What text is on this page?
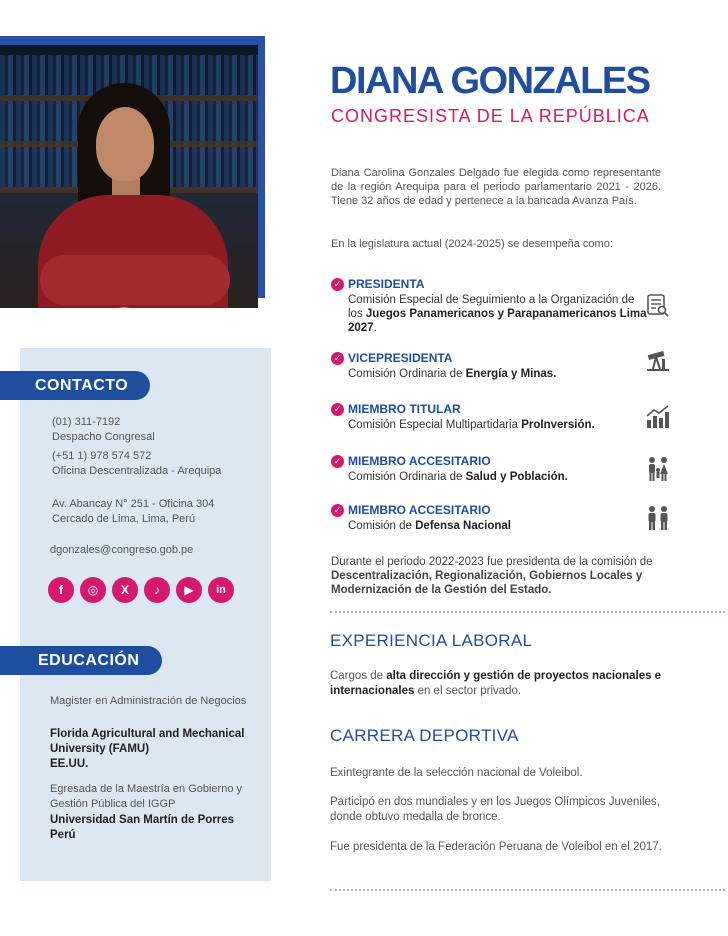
DIANA GONZALES
CONGRESISTA DE LA REPÚBLICA
Diana Carolina Gonzales Delgado fue elegida como representante de la región Arequipa para el periodo parlamentario 2021 - 2026. Tiene 32 años de edad y pertenece a la bancada Avanza País.
En la legislatura actual (2024-2025) se desempeña como:
✓ PRESIDENTA
Comisión Especial de Seguimiento a la Organización de los Juegos Panamericanos y Parapanamericanos Lima 2027.
✓ VICEPRESIDENTA
Comisión Ordinaria de Energía y Minas.
✓ MIEMBRO TITULAR
Comisión Especial Multipartidaria ProInversión.
✓ MIEMBRO ACCESITARIO
Comisión Ordinaria de Salud y Población.
✓ MIEMBRO ACCESITARIO
Comisión de Defensa Nacional
Durante el periodo 2022-2023 fue presidenta de la comisión de Descentralización, Regionalización, Gobiernos Locales y Modernización de la Gestión del Estado.
EXPERIENCIA LABORAL
Cargos de alta dirección y gestión de proyectos nacionales e internacionales en el sector privado.
CARRERA DEPORTIVA
Exintegrante de la selección nacional de Voleibol.
Participó en dos mundiales y en los Juegos Olímpicos Juveniles, donde obtuvo medalla de bronce.
Fue presidenta de la Federación Peruana de Voleibol en el 2017.
CONTACTO
(01) 311-7192
Despacho Congresal
(+51 1) 978 574 572
Oficina Descentralizada - Arequipa
Av. Abancay N° 251 - Oficina 304
Cercado de Lima, Lima, Perú
dgonzales@congreso.gob.pe
f	◎	X	♪	▶	in
EDUCACIÓN
Magister en Administración de Negocios
Florida Agricultural and Mechanical University (FAMU)
EE.UU.
Egresada de la Maestría en Gobierno y Gestión Pública del IGGP
Universidad San Martín de Porres
Perú
